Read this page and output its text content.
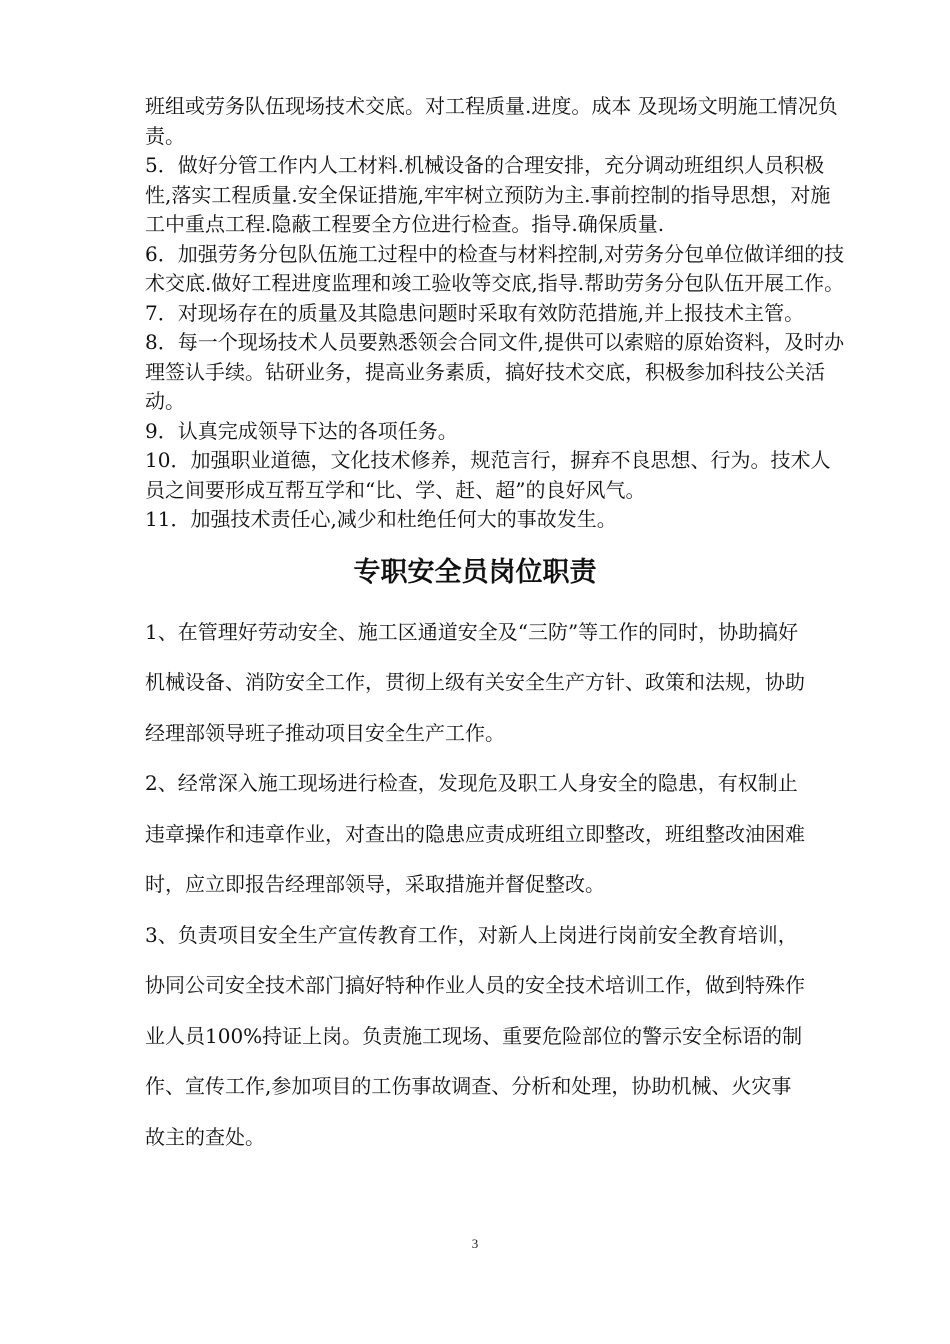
班组或劳务队伍现场技术交底。对工程质量.进度。成本 及现场文明施工情况负责。

5．做好分管工作内人工材料.机械设备的合理安排，充分调动班组织人员积极性,落实工程质量.安全保证措施,牢牢树立预防为主.事前控制的指导思想，对施工中重点工程.隐蔽工程要全方位进行检查。指导.确保质量.

6．加强劳务分包队伍施工过程中的检查与材料控制,对劳务分包单位做详细的技术交底.做好工程进度监理和竣工验收等交底,指导.帮助劳务分包队伍开展工作。

7．对现场存在的质量及其隐患问题时采取有效防范措施,并上报技术主管。

8．每一个现场技术人员要熟悉领会合同文件,提供可以索赔的原始资料，及时办理签认手续。钻研业务，提高业务素质，搞好技术交底，积极参加科技公关活动。

9．认真完成领导下达的各项任务。

10．加强职业道德，文化技术修养，规范言行，摒弃不良思想、行为。技术人员之间要形成互帮互学和“比、学、赶、超”的良好风气。

11．加强技术责任心,减少和杜绝任何大的事故发生。

专职安全员岗位职责

1、在管理好劳动安全、施工区通道安全及“三防”等工作的同时，协助搞好机械设备、消防安全工作，贯彻上级有关安全生产方针、政策和法规，协助经理部领导班子推动项目安全生产工作。

2、经常深入施工现场进行检查，发现危及职工人身安全的隐患，有权制止违章操作和违章作业，对查出的隐患应责成班组立即整改，班组整改油困难时，应立即报告经理部领导，采取措施并督促整改。

3、负责项目安全生产宣传教育工作，对新人上岗进行岗前安全教育培训，协同公司安全技术部门搞好特种作业人员的安全技术培训工作，做到特殊作业人员100%持证上岗。负责施工现场、重要危险部位的警示安全标语的制作、宣传工作,参加项目的工伤事故调查、分析和处理，协助机械、火灾事故主的查处。

3
